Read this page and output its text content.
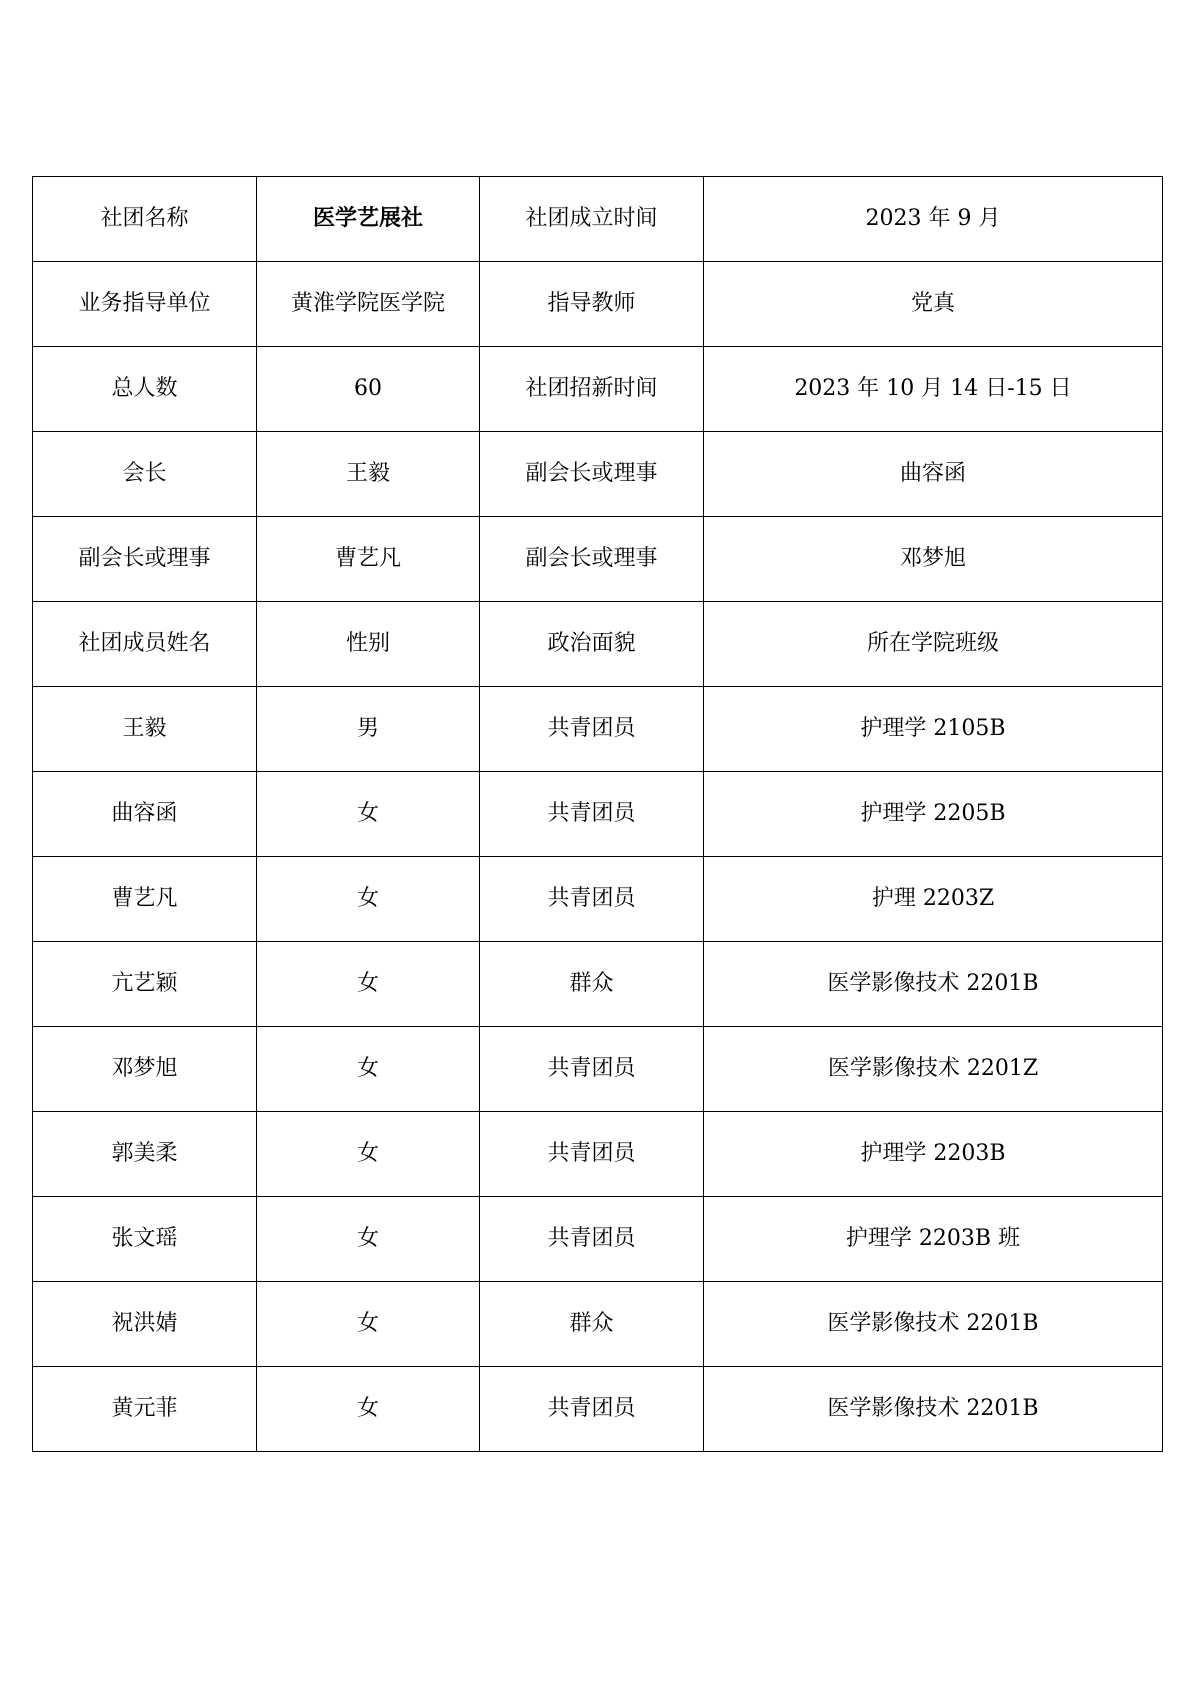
社团名称	医学艺展社	社团成立时间	2023 年 9 月
业务指导单位	黄淮学院医学院	指导教师	党真
总人数	60	社团招新时间	2023 年 10 月 14 日-15 日
会长	王毅	副会长或理事	曲容函
副会长或理事	曹艺凡	副会长或理事	邓梦旭
社团成员姓名	性别	政治面貌	所在学院班级
王毅	男	共青团员	护理学 2105B
曲容函	女	共青团员	护理学 2205B
曹艺凡	女	共青团员	护理 2203Z
亢艺颖	女	群众	医学影像技术 2201B
邓梦旭	女	共青团员	医学影像技术 2201Z
郭美柔	女	共青团员	护理学 2203B
张文瑶	女	共青团员	护理学 2203B 班
祝洪婧	女	群众	医学影像技术 2201B
黄元菲	女	共青团员	医学影像技术 2201B
